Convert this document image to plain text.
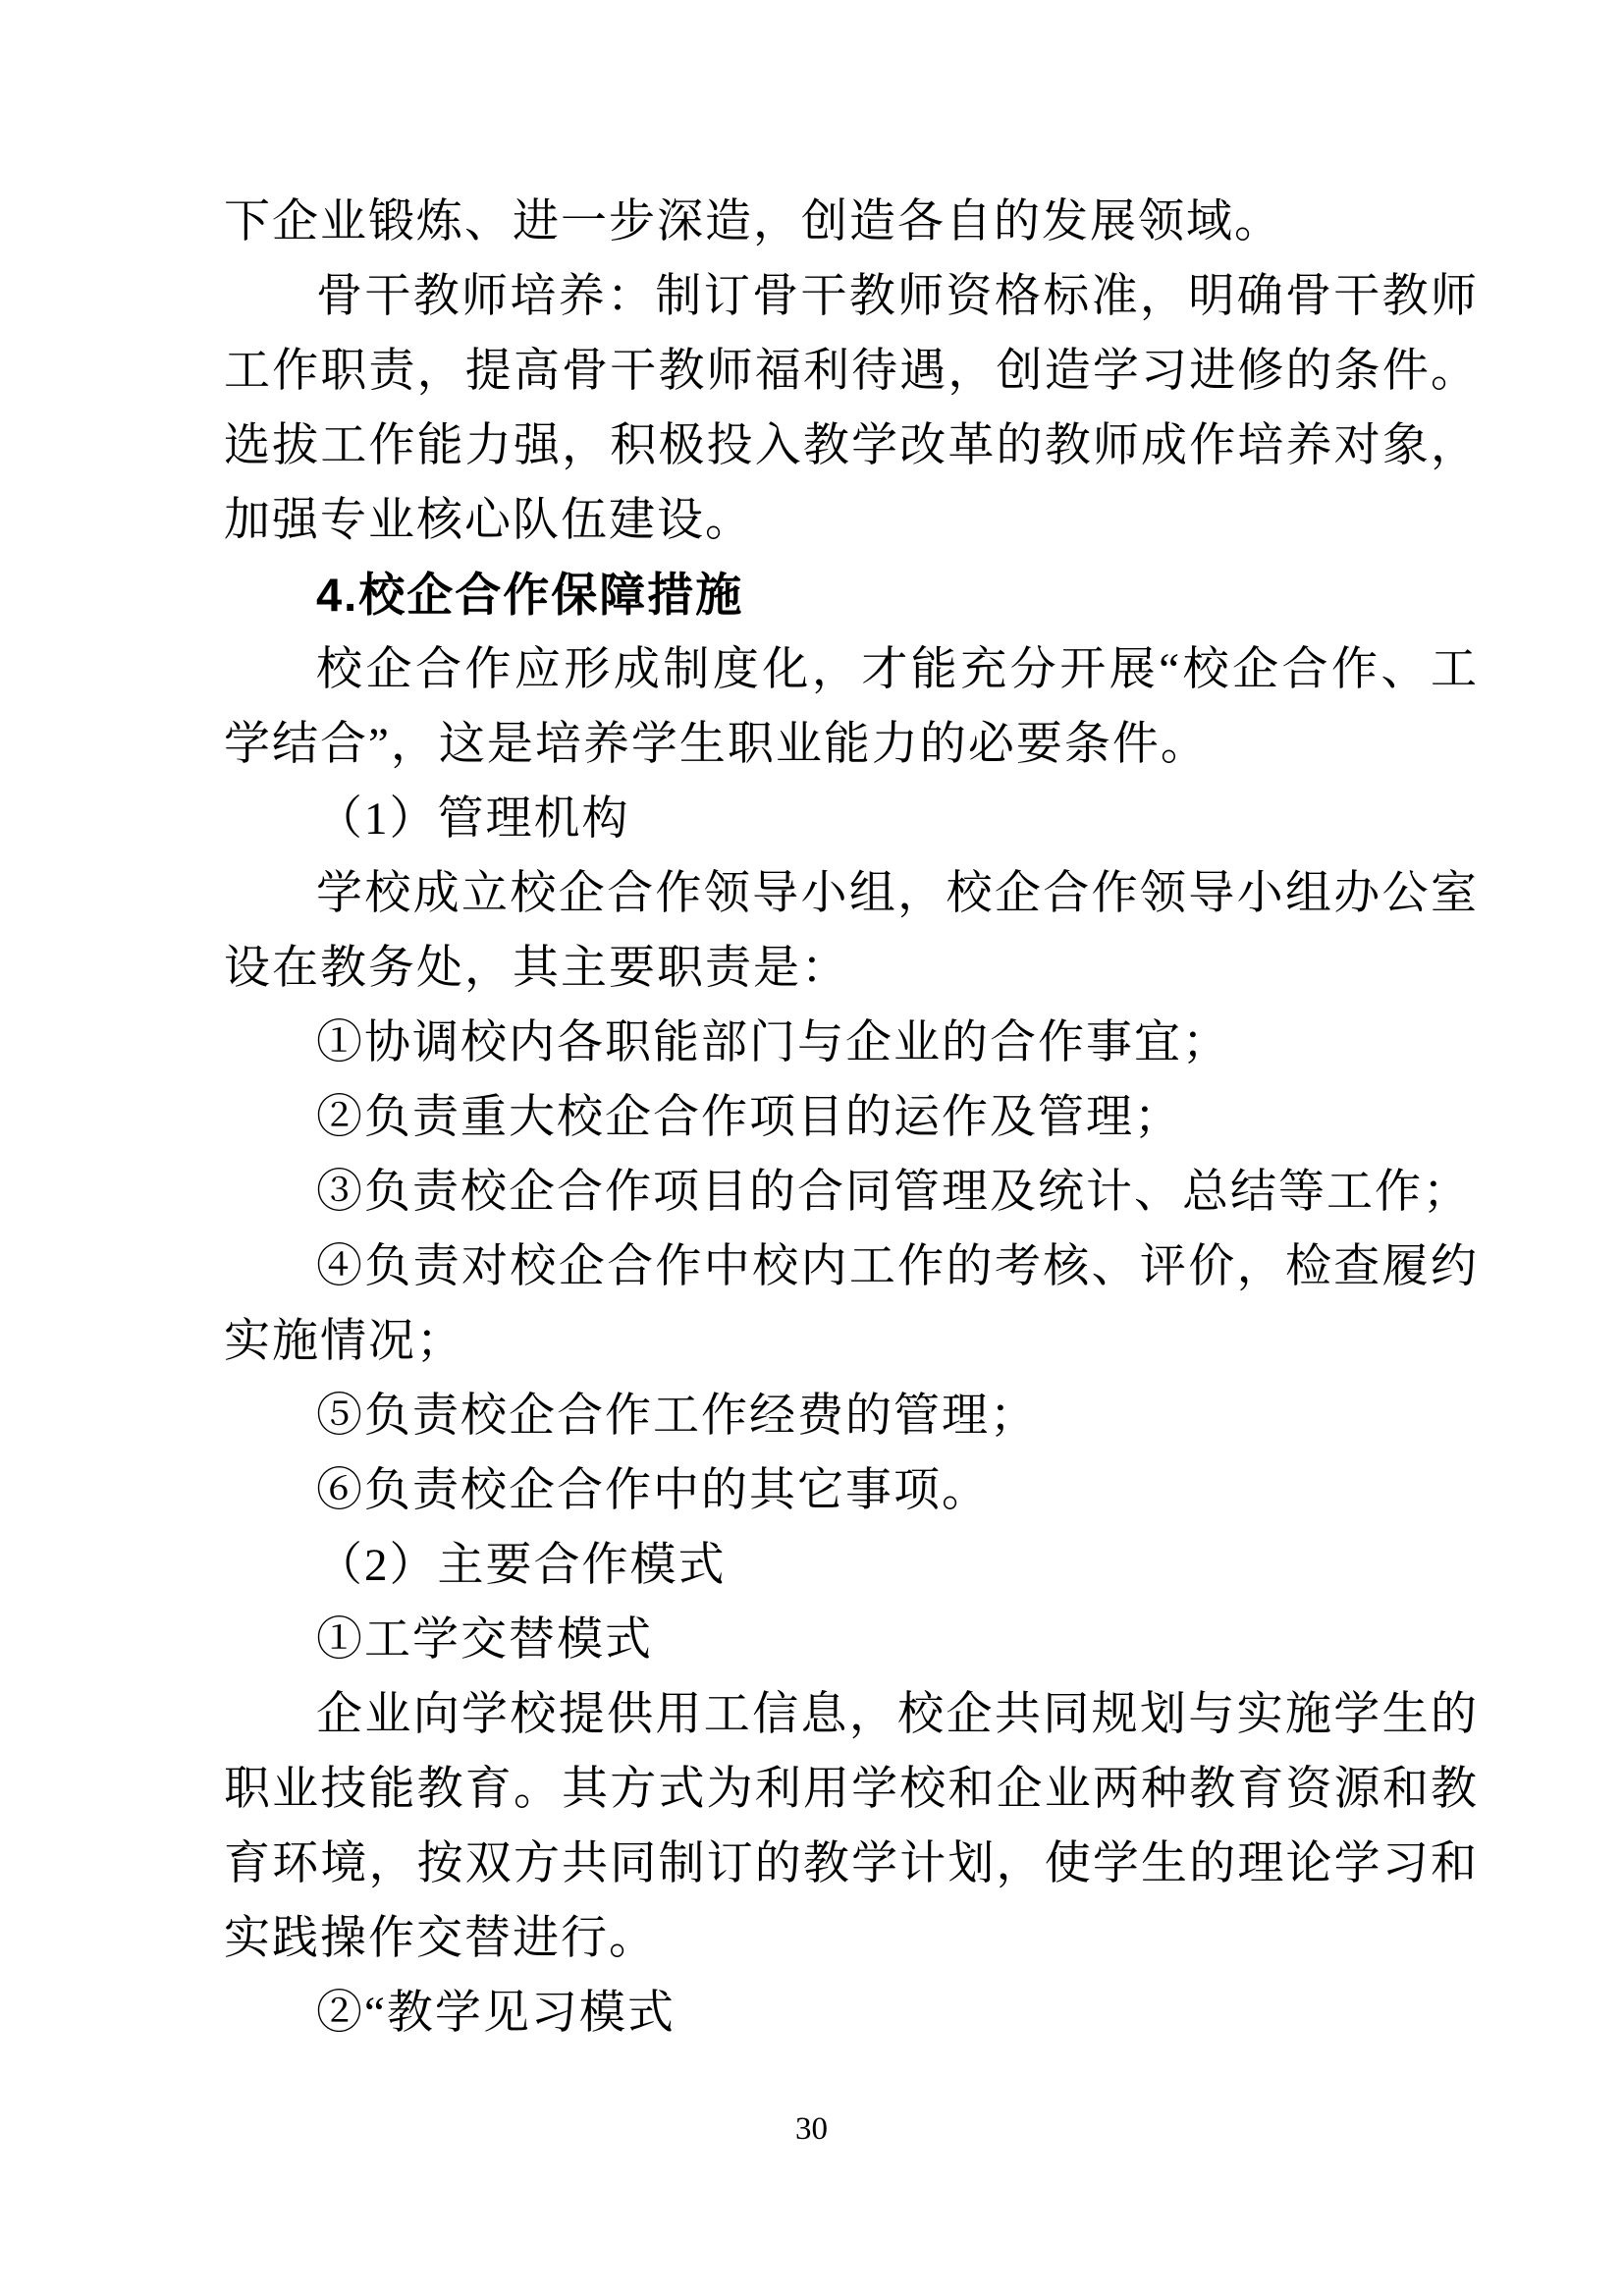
下企业锻炼、进一步深造，创造各自的发展领域。

骨干教师培养：制订骨干教师资格标准，明确骨干教师工作职责，提高骨干教师福利待遇，创造学习进修的条件。选拔工作能力强，积极投入教学改革的教师成作培养对象，加强专业核心队伍建设。

4.校企合作保障措施

校企合作应形成制度化，才能充分开展“校企合作、工学结合”，这是培养学生职业能力的必要条件。

（1）管理机构

学校成立校企合作领导小组，校企合作领导小组办公室设在教务处，其主要职责是：

①协调校内各职能部门与企业的合作事宜；

②负责重大校企合作项目的运作及管理；

③负责校企合作项目的合同管理及统计、总结等工作；

④负责对校企合作中校内工作的考核、评价，检查履约实施情况；

⑤负责校企合作工作经费的管理；

⑥负责校企合作中的其它事项。

（2）主要合作模式

①工学交替模式

企业向学校提供用工信息，校企共同规划与实施学生的职业技能教育。其方式为利用学校和企业两种教育资源和教育环境，按双方共同制订的教学计划，使学生的理论学习和实践操作交替进行。

②“教学见习模式

30
